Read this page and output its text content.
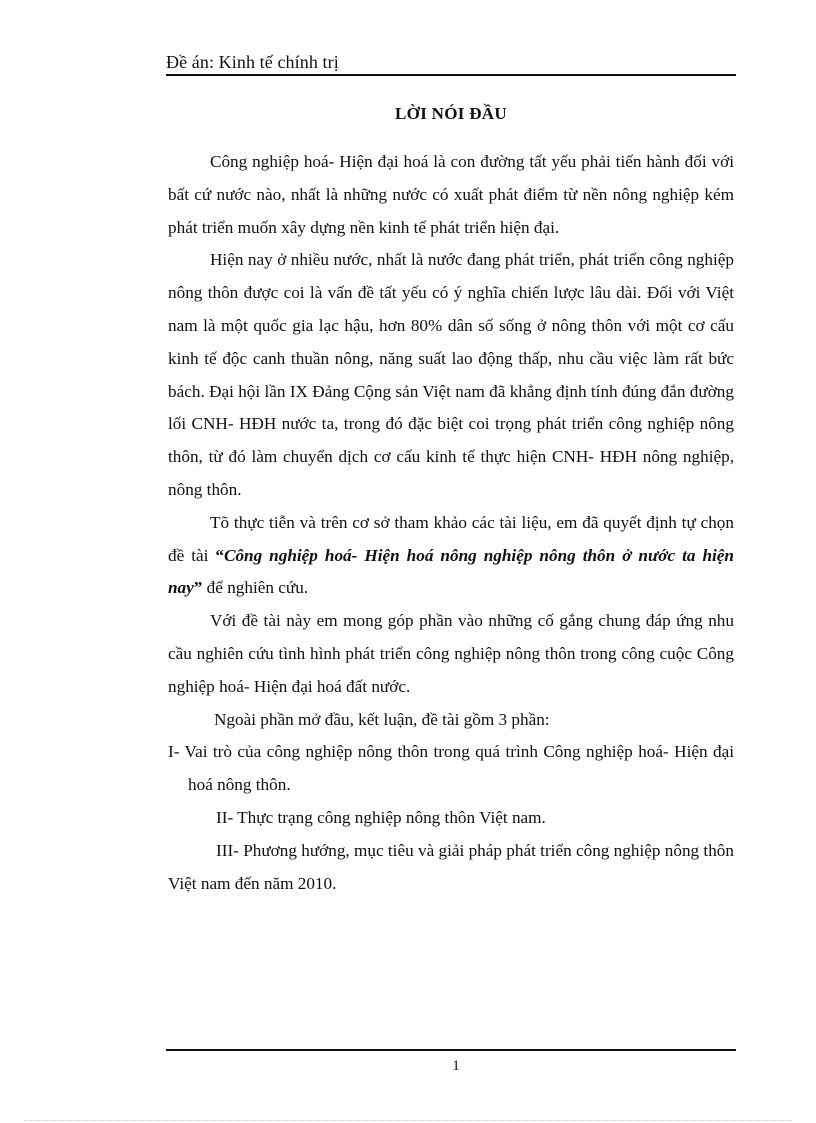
Đề án: Kinh tế chính trị
LỜI NÓI ĐẦU

Công nghiệp hoá- Hiện đại hoá là con đường tất yếu phải tiến hành đối với bất cứ nước nào, nhất là những nước có xuất phát điểm từ nền nông nghiệp kém phát triển muốn xây dựng nền kinh tế phát triển hiện đại.

Hiện nay ở nhiều nước, nhất là nước đang phát triển, phát triển công nghiệp nông thôn được coi là vấn đề tất yếu có ý nghĩa chiến lược lâu dài. Đối với Việt nam là một quốc gia lạc hậu, hơn 80% dân số sống ở nông thôn với một cơ cấu kinh tế độc canh thuần nông, năng suất lao động thấp, nhu cầu việc làm rất bức bách. Đại hội lần IX Đảng Cộng sản Việt nam đã khẳng định tính đúng đắn đường lối CNH- HĐH nước ta, trong đó đặc biệt coi trọng phát triển công nghiệp nông thôn, từ đó làm chuyển dịch cơ cấu kinh tế thực hiện CNH- HĐH nông nghiệp, nông thôn.

Tõ thực tiễn và trên cơ sở tham khảo các tài liệu, em đã quyết định tự chọn đề tài “Công nghiệp hoá- Hiện hoá nông nghiệp nông thôn ở nước ta hiện nay” để nghiên cứu.

Với đề tài này em mong góp phần vào những cố gắng chung đáp ứng nhu cầu nghiên cứu tình hình phát triển công nghiệp nông thôn trong công cuộc Công nghiệp hoá- Hiện đại hoá đất nước.

Ngoài phần mở đầu, kết luận, đề tài gồm 3 phần:

I- Vai trò của công nghiệp nông thôn trong quá trình Công nghiệp hoá- Hiện đại hoá nông thôn.

II- Thực trạng công nghiệp nông thôn Việt nam.

III- Phương hướng, mục tiêu và giải pháp phát triển công nghiệp nông thôn Việt nam đến năm 2010.

1
